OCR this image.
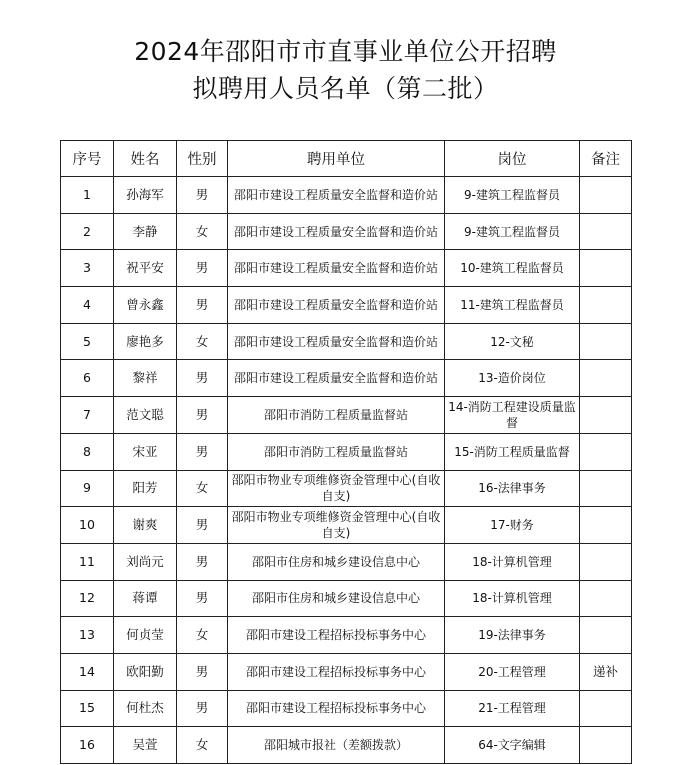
2024年邵阳市市直事业单位公开招聘
拟聘用人员名单（第二批）
序号	姓名	性别	聘用单位	岗位	备注
1	孙海军	男	邵阳市建设工程质量安全监督和造价站	9-建筑工程监督员	
2	李静	女	邵阳市建设工程质量安全监督和造价站	9-建筑工程监督员	
3	祝平安	男	邵阳市建设工程质量安全监督和造价站	10-建筑工程监督员	
4	曾永鑫	男	邵阳市建设工程质量安全监督和造价站	11-建筑工程监督员	
5	廖艳多	女	邵阳市建设工程质量安全监督和造价站	12-文秘	
6	黎祥	男	邵阳市建设工程质量安全监督和造价站	13-造价岗位	
7	范文聪	男	邵阳市消防工程质量监督站	14-消防工程建设质量监督	
8	宋亚	男	邵阳市消防工程质量监督站	15-消防工程质量监督	
9	阳芳	女	邵阳市物业专项维修资金管理中心(自收自支)	16-法律事务	
10	谢爽	男	邵阳市物业专项维修资金管理中心(自收自支)	17-财务	
11	刘尚元	男	邵阳市住房和城乡建设信息中心	18-计算机管理	
12	蒋谭	男	邵阳市住房和城乡建设信息中心	18-计算机管理	
13	何贞莹	女	邵阳市建设工程招标投标事务中心	19-法律事务	
14	欧阳勤	男	邵阳市建设工程招标投标事务中心	20-工程管理	递补
15	何杜杰	男	邵阳市建设工程招标投标事务中心	21-工程管理	
16	吴萱	女	邵阳城市报社（差额拨款）	64-文字编辑	
